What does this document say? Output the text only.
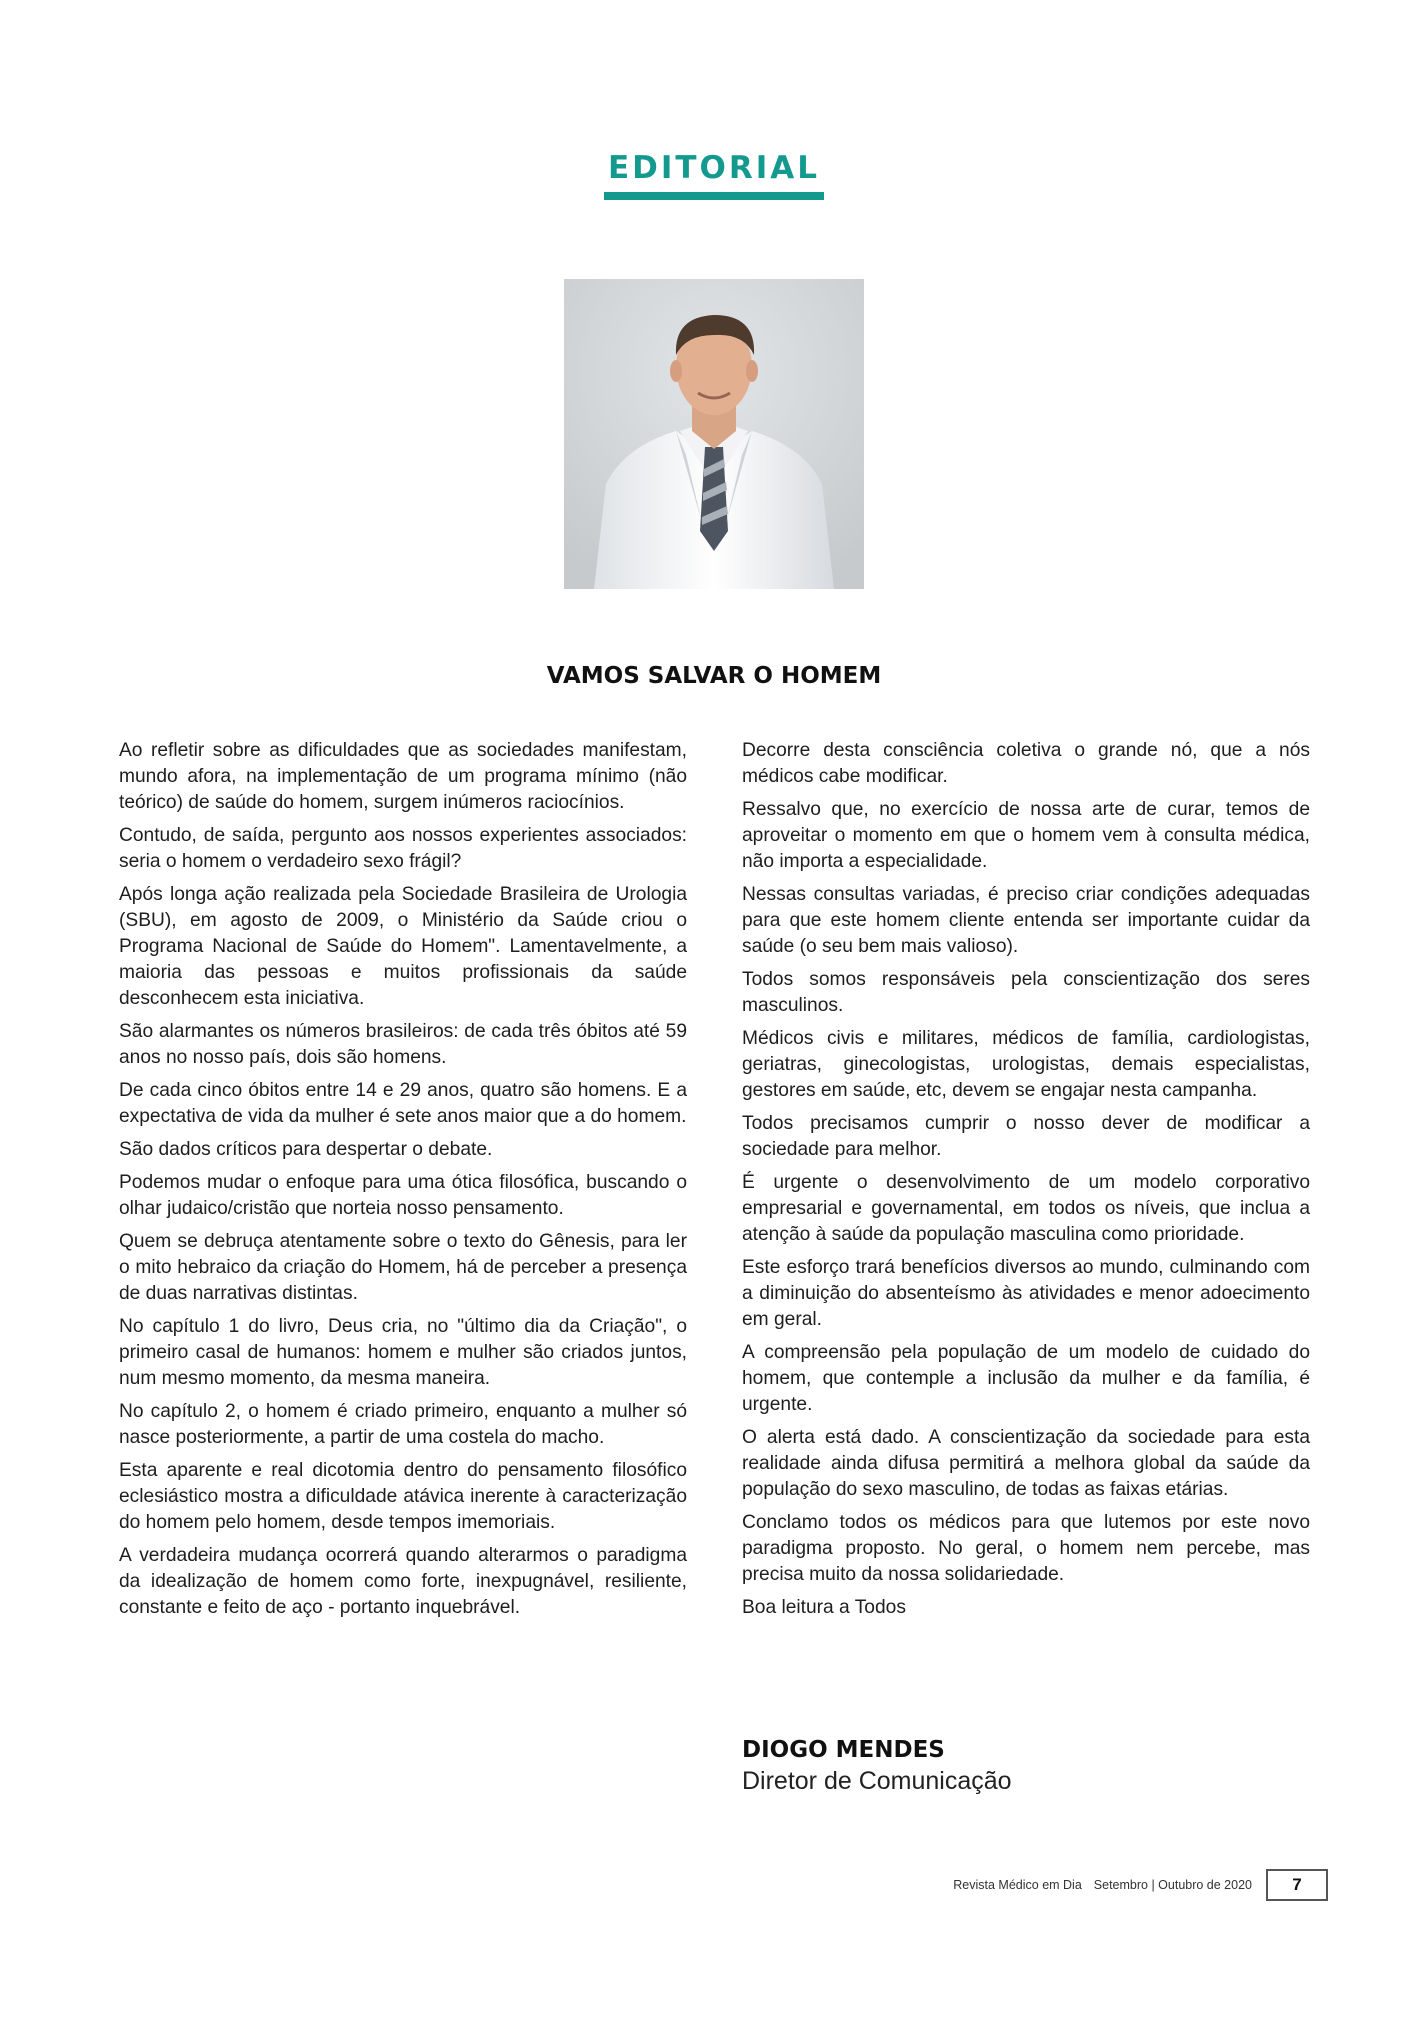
EDITORIAL
VAMOS SALVAR O HOMEM

Ao refletir sobre as dificuldades que as sociedades manifestam, mundo afora, na implementação de um programa mínimo (não teórico) de saúde do homem, surgem inúmeros raciocínios.

Contudo, de saída, pergunto aos nossos experientes associados: seria o homem o verdadeiro sexo frágil?

Após longa ação realizada pela Sociedade Brasileira de Urologia (SBU), em agosto de 2009, o Ministério da Saúde criou o Programa Nacional de Saúde do Homem". Lamentavelmente, a maioria das pessoas e muitos profissionais da saúde desconhecem esta iniciativa.

São alarmantes os números brasileiros: de cada três óbitos até 59 anos no nosso país, dois são homens.

De cada cinco óbitos entre 14 e 29 anos, quatro são homens. E a expectativa de vida da mulher é sete anos maior que a do homem.

São dados críticos para despertar o debate.

Podemos mudar o enfoque para uma ótica filosófica, buscando o olhar judaico/cristão que norteia nosso pensamento.

Quem se debruça atentamente sobre o texto do Gênesis, para ler o mito hebraico da criação do Homem, há de perceber a presença de duas narrativas distintas.

No capítulo 1 do livro, Deus cria, no "último dia da Criação", o primeiro casal de humanos: homem e mulher são criados juntos, num mesmo momento, da mesma maneira.

No capítulo 2, o homem é criado primeiro, enquanto a mulher só nasce posteriormente, a partir de uma costela do macho.

Esta aparente e real dicotomia dentro do pensamento filosófico eclesiástico mostra a dificuldade atávica inerente à caracterização do homem pelo homem, desde tempos imemoriais.

A verdadeira mudança ocorrerá quando alterarmos o paradigma da idealização de homem como forte, inexpugnável, resiliente, constante e feito de aço - portanto inquebrável.

Decorre desta consciência coletiva o grande nó, que a nós médicos cabe modificar.

Ressalvo que, no exercício de nossa arte de curar, temos de aproveitar o momento em que o homem vem à consulta médica, não importa a especialidade.

Nessas consultas variadas, é preciso criar condições adequadas para que este homem cliente entenda ser importante cuidar da saúde (o seu bem mais valioso).

Todos somos responsáveis pela conscientização dos seres masculinos.

Médicos civis e militares, médicos de família, cardiologistas, geriatras, ginecologistas, urologistas, demais especialistas, gestores em saúde, etc, devem se engajar nesta campanha.

Todos precisamos cumprir o nosso dever de modificar a sociedade para melhor.

É urgente o desenvolvimento de um modelo corporativo empresarial e governamental, em todos os níveis, que inclua a atenção à saúde da população masculina como prioridade.

Este esforço trará benefícios diversos ao mundo, culminando com a diminuição do absenteísmo às atividades e menor adoecimento em geral.

A compreensão pela população de um modelo de cuidado do homem, que contemple a inclusão da mulher e da família, é urgente.

O alerta está dado. A conscientização da sociedade para esta realidade ainda difusa permitirá a melhora global da saúde da população do sexo masculino, de todas as faixas etárias.

Conclamo todos os médicos para que lutemos por este novo paradigma proposto. No geral, o homem nem percebe, mas precisa muito da nossa solidariedade.

Boa leitura a Todos

DIOGO MENDES
Diretor de Comunicação
Revista Médico em Dia Setembro | Outubro de 2020	7
